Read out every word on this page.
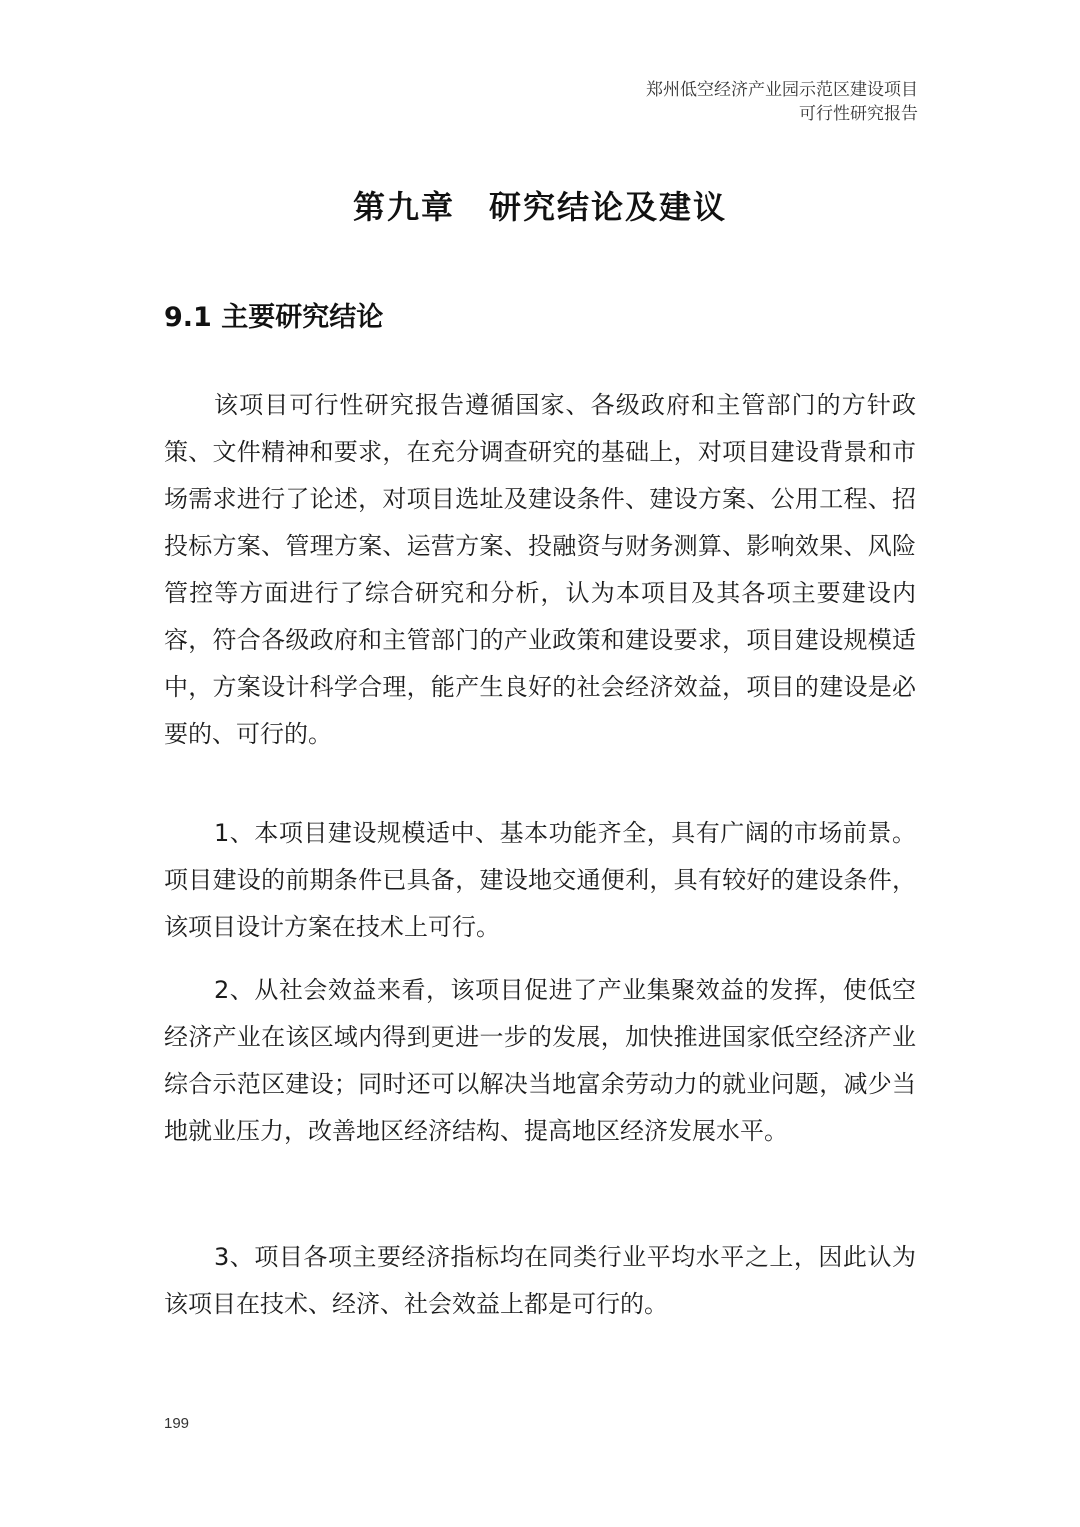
郑州低空经济产业园示范区建设项目
可行性研究报告
第九章　研究结论及建议
9.1 主要研究结论

该项目可行性研究报告遵循国家、各级政府和主管部门的方针政策、文件精神和要求，在充分调查研究的基础上，对项目建设背景和市场需求进行了论述，对项目选址及建设条件、建设方案、公用工程、招投标方案、管理方案、运营方案、投融资与财务测算、影响效果、风险管控等方面进行了综合研究和分析，认为本项目及其各项主要建设内容，符合各级政府和主管部门的产业政策和建设要求，项目建设规模适中，方案设计科学合理，能产生良好的社会经济效益，项目的建设是必要的、可行的。

1、本项目建设规模适中、基本功能齐全，具有广阔的市场前景。项目建设的前期条件已具备，建设地交通便利，具有较好的建设条件，该项目设计方案在技术上可行。

2、从社会效益来看，该项目促进了产业集聚效益的发挥，使低空经济产业在该区域内得到更进一步的发展，加快推进国家低空经济产业综合示范区建设；同时还可以解决当地富余劳动力的就业问题，减少当地就业压力，改善地区经济结构、提高地区经济发展水平。

3、项目各项主要经济指标均在同类行业平均水平之上，因此认为该项目在技术、经济、社会效益上都是可行的。

199
